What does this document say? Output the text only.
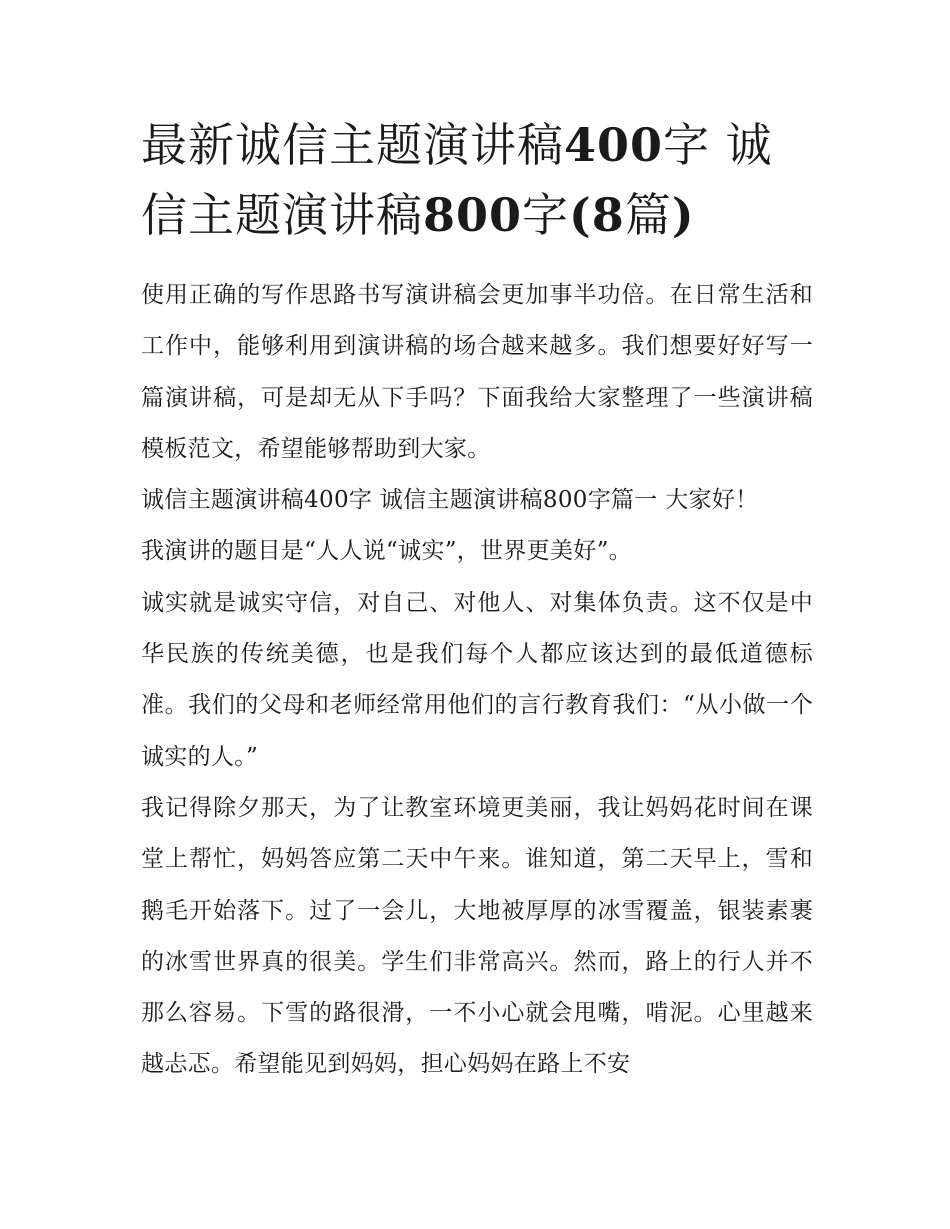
最新诚信主题演讲稿400字 诚
信主题演讲稿800字(8篇)

使用正确的写作思路书写演讲稿会更加事半功倍。在日常生活和工作中，能够利用到演讲稿的场合越来越多。我们想要好好写一篇演讲稿，可是却无从下手吗？下面我给大家整理了一些演讲稿模板范文，希望能够帮助到大家。

诚信主题演讲稿400字 诚信主题演讲稿800字篇一 大家好！

我演讲的题目是“人人说“诚实”，世界更美好”。

诚实就是诚实守信，对自己、对他人、对集体负责。这不仅是中华民族的传统美德，也是我们每个人都应该达到的最低道德标准。我们的父母和老师经常用他们的言行教育我们：“从小做一个诚实的人。”

我记得除夕那天，为了让教室环境更美丽，我让妈妈花时间在课堂上帮忙，妈妈答应第二天中午来。谁知道，第二天早上，雪和鹅毛开始落下。过了一会儿，大地被厚厚的冰雪覆盖，银装素裹的冰雪世界真的很美。学生们非常高兴。然而，路上的行人并不那么容易。下雪的路很滑，一不小心就会甩嘴，啃泥。心里越来越忐忑。希望能见到妈妈，担心妈妈在路上不安
